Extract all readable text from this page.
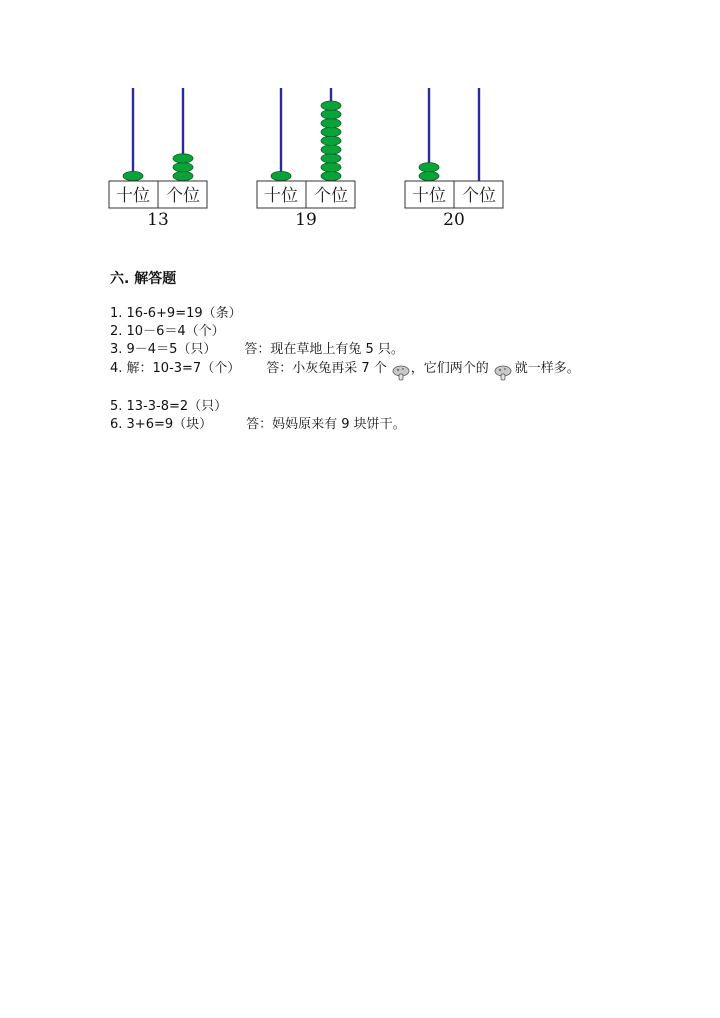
十位 个位
13
十位 个位
19
十位 个位
20
六. 解答题
1. 16-6+9=19（条）
2. 10－6＝4（个）
3. 9－4＝5（只） 答：现在草地上有兔 5 只。
4. 解：10-3=7（个） 答：小灰兔再采 7 个 ，它们两个的 就一样多。
5. 13-3-8=2（只）
6. 3+6=9（块）	答：妈妈原来有 9 块饼干。
